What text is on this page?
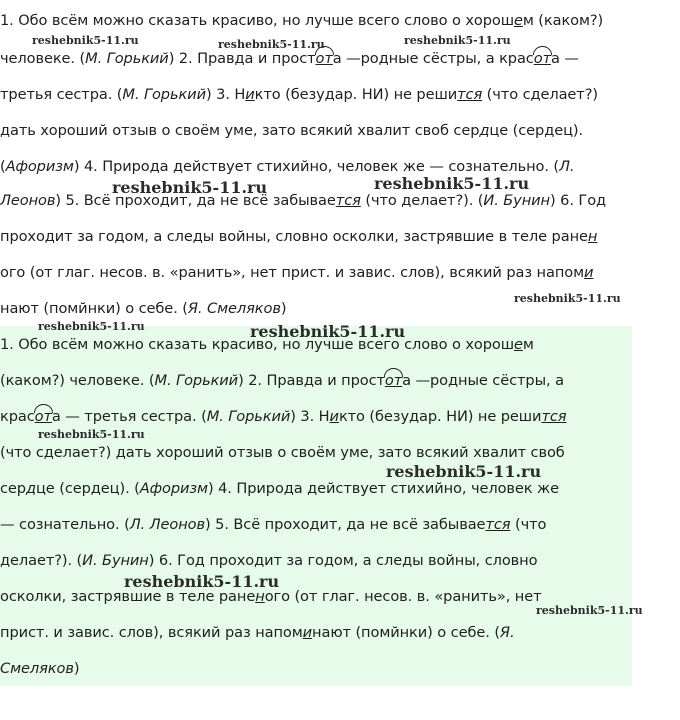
1. Обо всём можно сказать красиво, но лучше всего слово о хорошем (каком?)
человеке. (М. Горький) 2. Правда и простота —родные сёстры, а красота —
третья сестра. (М. Горький) 3. Никто (безудар. НИ) не решится (что сделает?)
дать хороший отзыв о своём уме, зато всякий хвалит своб сердце (сердец).
(Афоризм) 4. Природа действует стихийно, человек же — сознательно. (Л.
Леонов) 5. Всё проходит, да не всё забывается (что делает?). (И. Бунин) 6. Год
проходит за годом, а следы войны, словно осколки, застрявшие в теле ранен
ого (от глаг. несов. в. «ранить», нет прист. и завис. слов), всякий раз напоми
нают (помйнки) о себе. (Я. Смеляков)
1. Обо всём можно сказать красиво, но лучше всего слово о хорошем
(каком?) человеке. (М. Горький) 2. Правда и простота —родные сёстры, а
красота — третья сестра. (М. Горький) 3. Никто (безудар. НИ) не решится
(что сделает?) дать хороший отзыв о своём уме, зато всякий хвалит своб
сердце (сердец). (Афоризм) 4. Природа действует стихийно, человек же
— сознательно. (Л. Леонов) 5. Всё проходит, да не всё забывается (что
делает?). (И. Бунин) 6. Год проходит за годом, а следы войны, словно
осколки, застрявшие в теле раненого (от глаг. несов. в. «ранить», нет
прист. и завис. слов), всякий раз напоминают (помйнки) о себе. (Я.
Смеляков)
reshebnik5-11.ru	reshebnik5-11.ru	reshebnik5-11.ru
reshebnik5-11.ru	reshebnik5-11.ru
reshebnik5-11.ru
reshebnik5-11.ru	reshebnik5-11.ru
reshebnik5-11.ru
reshebnik5-11.ru
reshebnik5-11.ru
reshebnik5-11.ru
